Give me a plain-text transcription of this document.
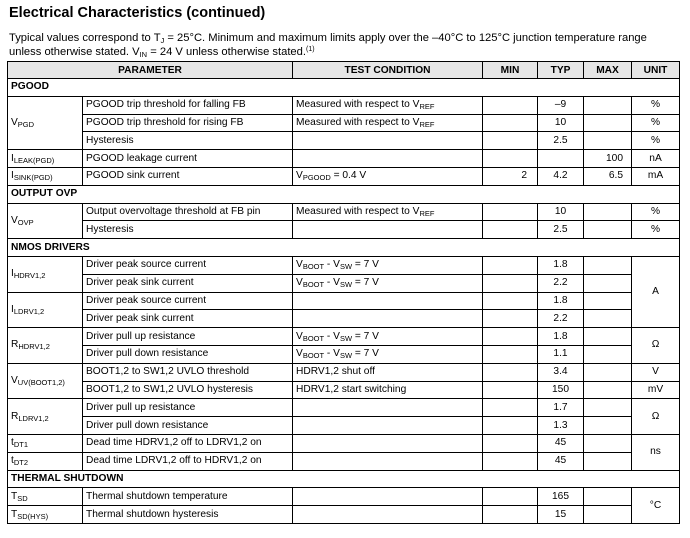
Electrical Characteristics (continued)
Typical values correspond to $T_J = 25^\circ C$. Minimum and maximum limits apply over the –40°C to 125°C junction temperature range unless otherwise stated. $V_{IN} = 24$ V unless otherwise stated.$^{(1)}$
PARAMETER		TEST CONDITION	MIN	TYP	MAX	UNIT
PGOOD						
$V_{PGD}$	PGOOD trip threshold for falling FB	Measured with respect to $V_{REF}$		–9		%
	PGOOD trip threshold for rising FB	Measured with respect to $V_{REF}$		10		%
	Hysteresis			2.5		%
$I_{LEAK(PGD)}$	PGOOD leakage current				100	nA
$I_{SINK(PGD)}$	PGOOD sink current	$V_{PGOOD} = 0.4$ V	2	4.2	6.5	mA
OUTPUT OVP						
$V_{OVP}$	Output overvoltage threshold at FB pin	Measured with respect to $V_{REF}$		10		%
	Hysteresis			2.5		%
NMOS DRIVERS						
$I_{HDRV1,2}$	Driver peak source current	$V_{BOOT} - V_{SW} = 7$ V		1.8		A
	Driver peak sink current	$V_{BOOT} - V_{SW} = 7$ V		2.2		
$I_{LDRV1,2}$	Driver peak source current			1.8		
	Driver peak sink current			2.2		
$R_{HDRV1,2}$	Driver pull up resistance	$V_{BOOT} - V_{SW} = 7$ V		1.8		Ω
	Driver pull down resistance	$V_{BOOT} - V_{SW} = 7$ V		1.1		
$V_{UV(BOOT1,2)}$	BOOT1,2 to SW1,2 UVLO threshold	HDRV1,2 shut off		3.4		V
	BOOT1,2 to SW1,2 UVLO hysteresis	HDRV1,2 start switching		150		mV
$R_{LDRV1,2}$	Driver pull up resistance			1.7		Ω
	Driver pull down resistance			1.3		
$t_{DT1}$	Dead time HDRV1,2 off to LDRV1,2 on			45		ns
$t_{DT2}$	Dead time LDRV1,2 off to HDRV1,2 on			45		
THERMAL SHUTDOWN						
$T_{SD}$	Thermal shutdown temperature			165		°C
$T_{SD(HYS)}$	Thermal shutdown hysteresis			15		
